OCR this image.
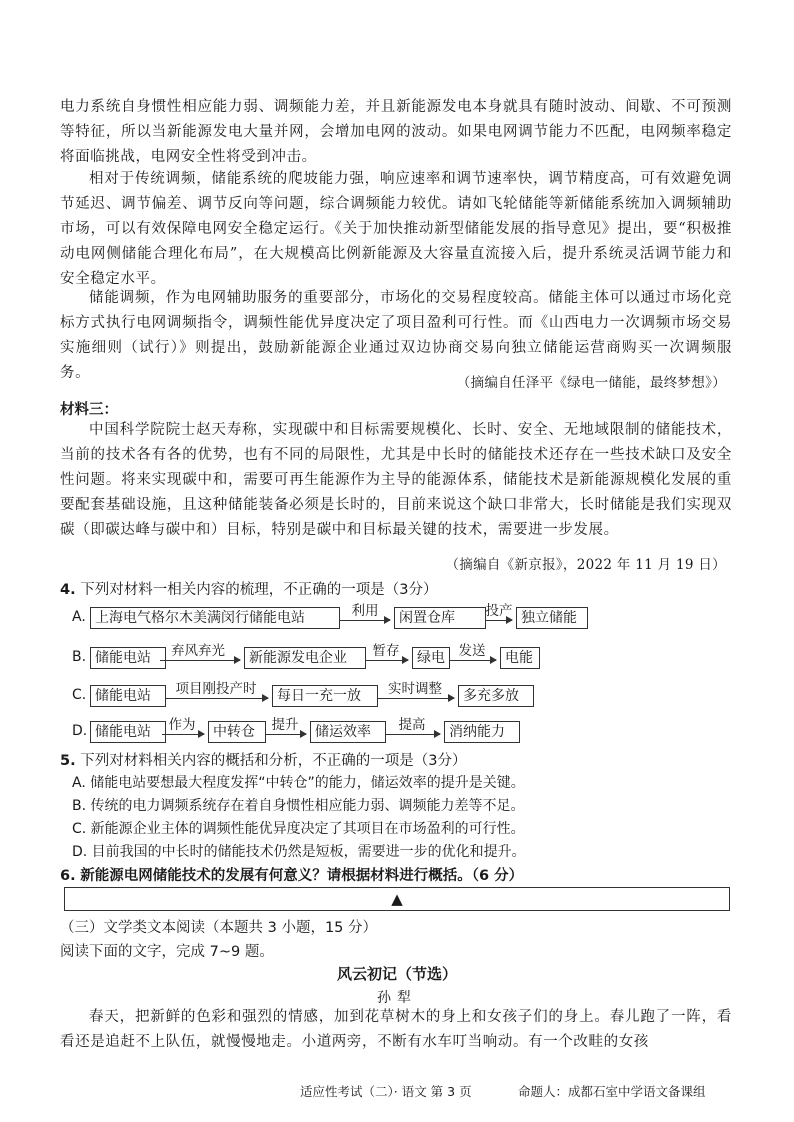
电力系统自身惯性相应能力弱、调频能力差，并且新能源发电本身就具有随时波动、间歇、不可预测等特征，所以当新能源发电大量并网，会增加电网的波动。如果电网调节能力不匹配，电网频率稳定将面临挑战，电网安全性将受到冲击。

相对于传统调频，储能系统的爬坡能力强，响应速率和调节速率快，调节精度高，可有效避免调节延迟、调节偏差、调节反向等问题，综合调频能力较优。请如飞轮储能等新储能系统加入调频辅助市场，可以有效保障电网安全稳定运行。《关于加快推动新型储能发展的指导意见》提出，要“积极推动电网侧储能合理化布局”，在大规模高比例新能源及大容量直流接入后，提升系统灵活调节能力和安全稳定水平。

储能调频，作为电网辅助服务的重要部分，市场化的交易程度较高。储能主体可以通过市场化竞标方式执行电网调频指令，调频性能优异度决定了项目盈利可行性。而《山西电力一次调频市场交易实施细则（试行）》则提出，鼓励新能源企业通过双边协商交易向独立储能运营商购买一次调频服务。

（摘编自任泽平《绿电一储能，最终梦想》）

材料三：

中国科学院院士赵天寿称，实现碳中和目标需要规模化、长时、安全、无地域限制的储能技术，当前的技术各有各的优势，也有不同的局限性，尤其是中长时的储能技术还存在一些技术缺口及安全性问题。将来实现碳中和，需要可再生能源作为主导的能源体系，储能技术是新能源规模化发展的重要配套基础设施，且这种储能装备必须是长时的，目前来说这个缺口非常大，长时储能是我们实现双碳（即碳达峰与碳中和）目标，特别是碳中和目标最关键的技术，需要进一步发展。

（摘编自《新京报》，2022 年 11 月 19 日）

4. 下列对材料一相关内容的梳理，不正确的一项是（3分）

A. 上海电气格尔木美满闵行储能电站	利用	闲置仓库	投产 独立储能
B. 储能电站	弃风弃光	新能源发电企业	暂存	绿电	发送	电能
C. 储能电站	项目刚投产时	每日一充一放	实时调整	多充多放
D. 储能电站	作为	中转仓	提升	储运效率	提高	消纳能力

5. 下列对材料相关内容的概括和分析，不正确的一项是（3分）

A. 储能电站要想最大程度发挥“中转仓”的能力，储运效率的提升是关键。

B. 传统的电力调频系统存在着自身惯性相应能力弱、调频能力差等不足。

C. 新能源企业主体的调频性能优异度决定了其项目在市场盈利的可行性。

D. 目前我国的中长时的储能技术仍然是短板，需要进一步的优化和提升。

6. 新能源电网储能技术的发展有何意义？请根据材料进行概括。（6 分）

▲

（三）文学类文本阅读（本题共 3 小题，15 分）

阅读下面的文字，完成 7~9 题。

风云初记（节选）

孙犁

春天，把新鲜的色彩和强烈的情感，加到花草树木的身上和女孩子们的身上。春儿跑了一阵，看看还是追赶不上队伍，就慢慢地走。小道两旁，不断有水车叮当响动。有一个改畦的女孩

适应性考试（二）· 语文 第 3 页	命题人：成都石室中学语文备课组
